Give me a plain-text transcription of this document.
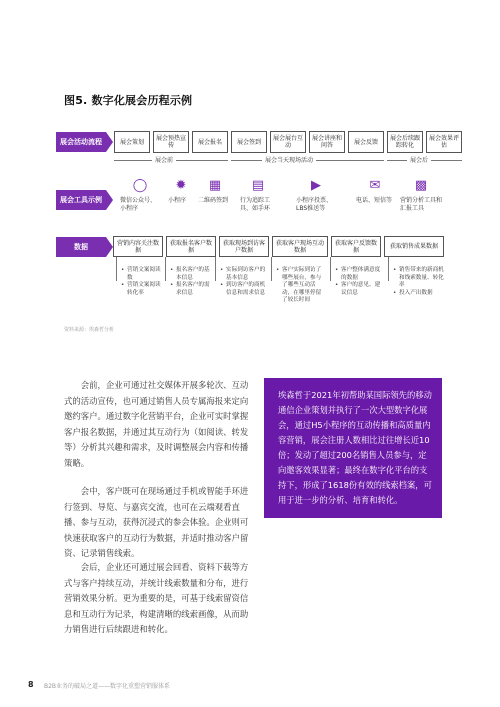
图5. 数字化展会历程示例
展会活动流程
展会工具示例
数据
展会策划	展会预热宣传	展会报名	展会签到	展会展台互动
展会讲座和问答	展会反馈	展会后续跟踪转化
展会效果评估
展会前	展会当天现场活动	展会后
◯
微信公众号、小程序
✹
小程序
▦
二维码签到
▤
行为追踪工具、如手环
▶
小程序投票、LBS推送等
✉
电话、短信等
▩
营销分析工具和汇报工具
营销内容关注数据
获取报名客户数据
获取现场到访客户数据
获取客户现场互动数据
获取客户反馈数据	获取销售成果数据
• 营销文案阅读数
• 营销文案阅读转化率
• 报名客户的基本信息
• 报名客户的需求信息
• 实际到访客户的基本信息
• 到访客户的商机信息和需求信息
• 客户实际到访了哪些展台，参与了哪些互动活动，在哪里停留了较长时间
• 客户整体满意度的数据
• 客户的意见、建议信息
• 销售带来的新商机和线索数量、转化率
• 投入产出数据
资料来源：埃森哲分析

会前，企业可通过社交媒体开展多轮次、互动式的活动宣传，也可通过销售人员专属海报来定向邀约客户。通过数字化营销平台，企业可实时掌握客户报名数据，并通过其互动行为（如阅读、转发等）分析其兴趣和需求，及时调整展会内容和传播策略。

会中，客户既可在现场通过手机或智能手环进行签到、导览、与嘉宾交流，也可在云端观看直播、参与互动，获得沉浸式的参会体验。企业则可快速获取客户的互动行为数据，并适时推动客户留资、记录销售线索。

会后，企业还可通过展会回看、资料下载等方式与客户持续互动，并统计线索数量和分布，进行营销效果分析。更为重要的是，可基于线索留资信息和互动行为记录，构建清晰的线索画像，从而助力销售进行后续跟进和转化。

埃森哲于2021年初帮助某国际领先的移动通信企业策划并执行了一次大型数字化展会，通过H5小程序的互动传播和高质量内容营销，展会注册人数相比过往增长近10倍；发动了超过200名销售人员参与，定向邀客效果显著；最终在数字化平台的支持下，形成了1618份有效的线索档案，可用于进一步的分析、培育和转化。
8 B2B业务的破局之道——数字化重塑营销服体系
